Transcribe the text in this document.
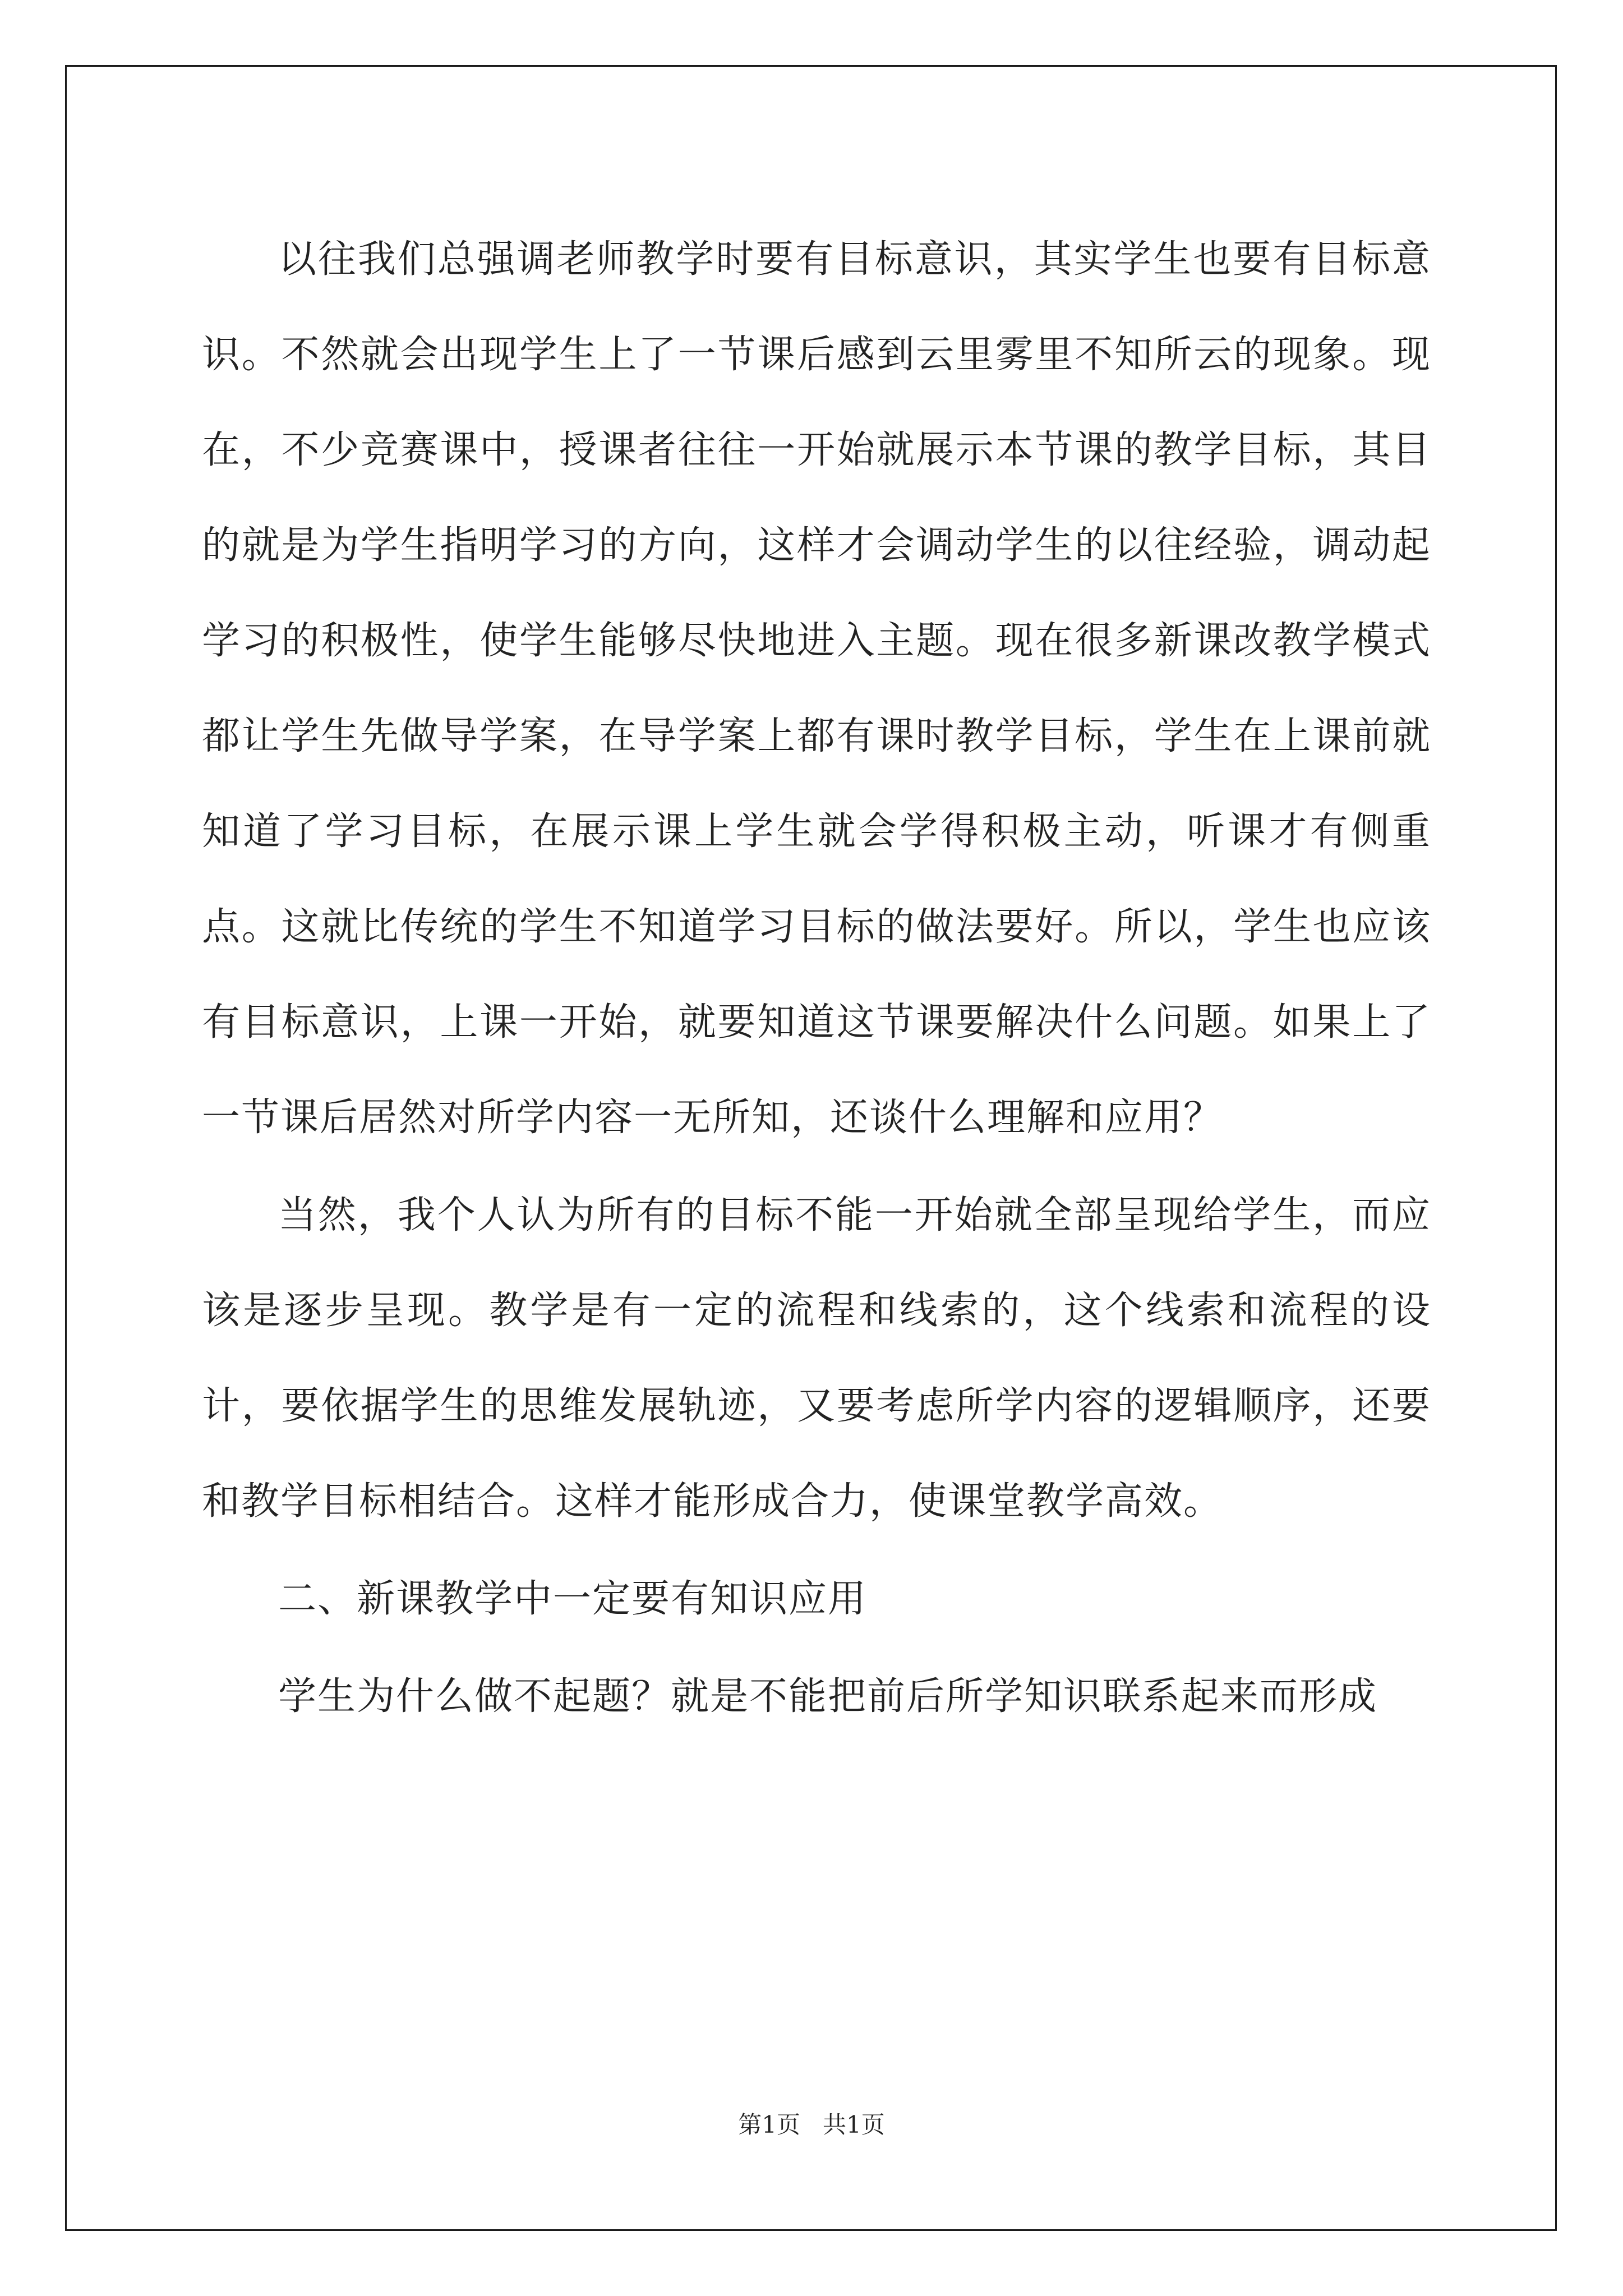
以往我们总强调老师教学时要有目标意识，其实学生也要有目标意识。不然就会出现学生上了一节课后感到云里雾里不知所云的现象。现在，不少竞赛课中，授课者往往一开始就展示本节课的教学目标，其目的就是为学生指明学习的方向，这样才会调动学生的以往经验，调动起学习的积极性，使学生能够尽快地进入主题。现在很多新课改教学模式都让学生先做导学案，在导学案上都有课时教学目标，学生在上课前就知道了学习目标，在展示课上学生就会学得积极主动，听课才有侧重点。这就比传统的学生不知道学习目标的做法要好。所以，学生也应该有目标意识，上课一开始，就要知道这节课要解决什么问题。如果上了一节课后居然对所学内容一无所知，还谈什么理解和应用？

当然，我个人认为所有的目标不能一开始就全部呈现给学生，而应该是逐步呈现。教学是有一定的流程和线索的，这个线索和流程的设计，要依据学生的思维发展轨迹，又要考虑所学内容的逻辑顺序，还要和教学目标相结合。这样才能形成合力，使课堂教学高效。

二、新课教学中一定要有知识应用

学生为什么做不起题？就是不能把前后所学知识联系起来而形成

第1页   共1页
